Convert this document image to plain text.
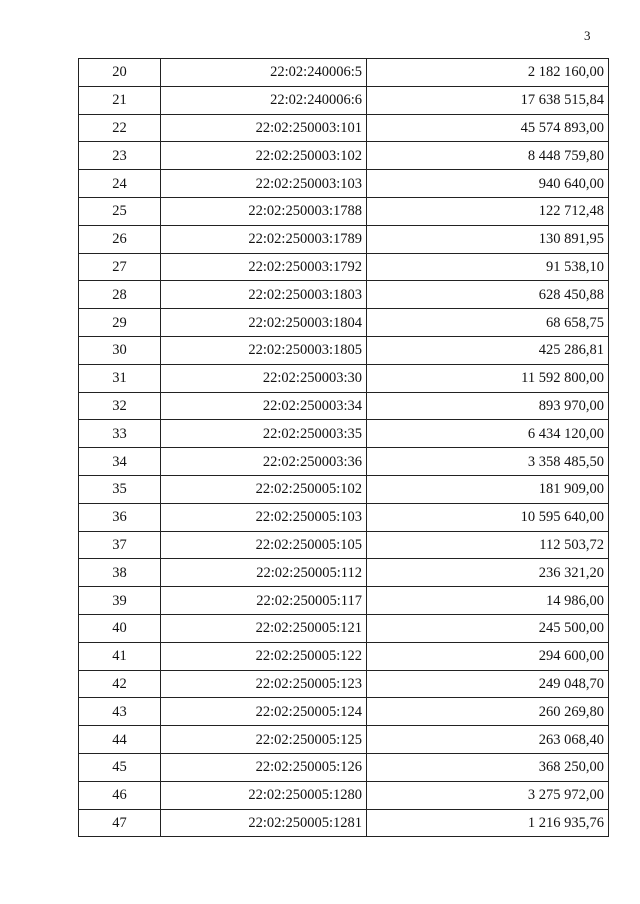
3
20	22:02:240006:5	2 182 160,00
21	22:02:240006:6	17 638 515,84
22	22:02:250003:101	45 574 893,00
23	22:02:250003:102	8 448 759,80
24	22:02:250003:103	940 640,00
25	22:02:250003:1788	122 712,48
26	22:02:250003:1789	130 891,95
27	22:02:250003:1792	91 538,10
28	22:02:250003:1803	628 450,88
29	22:02:250003:1804	68 658,75
30	22:02:250003:1805	425 286,81
31	22:02:250003:30	11 592 800,00
32	22:02:250003:34	893 970,00
33	22:02:250003:35	6 434 120,00
34	22:02:250003:36	3 358 485,50
35	22:02:250005:102	181 909,00
36	22:02:250005:103	10 595 640,00
37	22:02:250005:105	112 503,72
38	22:02:250005:112	236 321,20
39	22:02:250005:117	14 986,00
40	22:02:250005:121	245 500,00
41	22:02:250005:122	294 600,00
42	22:02:250005:123	249 048,70
43	22:02:250005:124	260 269,80
44	22:02:250005:125	263 068,40
45	22:02:250005:126	368 250,00
46	22:02:250005:1280	3 275 972,00
47	22:02:250005:1281	1 216 935,76
